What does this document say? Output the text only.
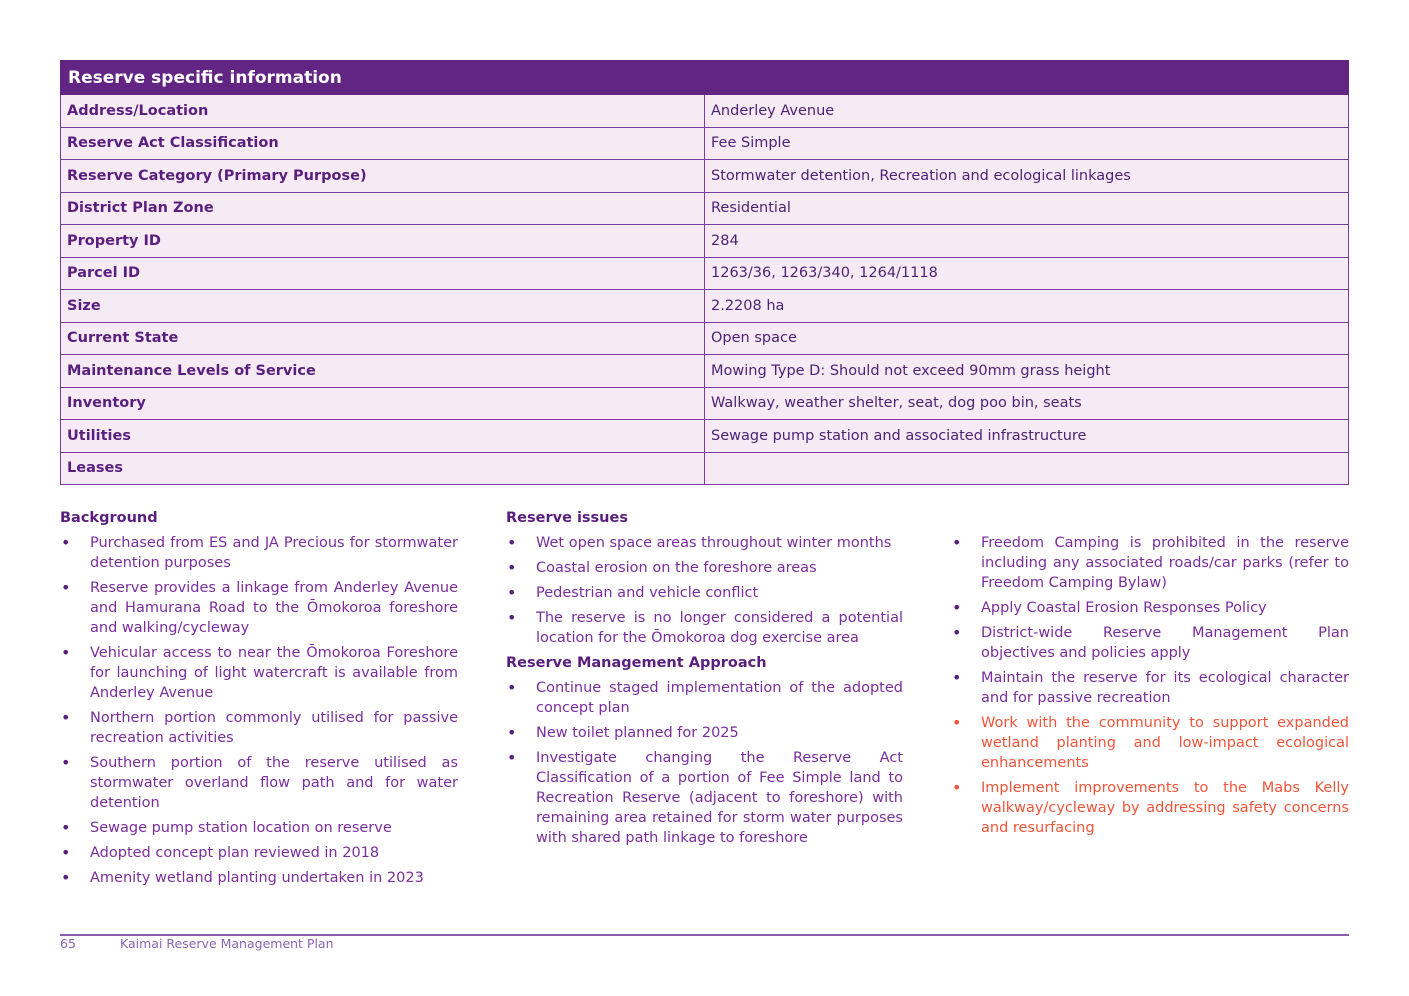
Reserve specific information	
Address/Location	Anderley Avenue
Reserve Act Classification	Fee Simple
Reserve Category (Primary Purpose)	Stormwater detention, Recreation and ecological linkages
District Plan Zone	Residential
Property ID	284
Parcel ID	1263/36, 1263/340, 1264/1118
Size	2.2208 ha
Current State	Open space
Maintenance Levels of Service	Mowing Type D: Should not exceed 90mm grass height
Inventory	Walkway, weather shelter, seat, dog poo bin, seats
Utilities	Sewage pump station and associated infrastructure
Leases	
Background
• Purchased from ES and JA Precious for stormwater detention purposes
• Reserve provides a linkage from Anderley Avenue and Hamurana Road to the Ōmokoroa foreshore and walking/cycleway
• Vehicular access to near the Ōmokoroa Foreshore for launching of light watercraft is available from Anderley Avenue
• Northern portion commonly utilised for passive recreation activities
• Southern portion of the reserve utilised as stormwater overland flow path and for water detention
• Sewage pump station location on reserve
• Adopted concept plan reviewed in 2018
• Amenity wetland planting undertaken in 2023
Reserve issues
• Wet open space areas throughout winter months
• Coastal erosion on the foreshore areas
• Pedestrian and vehicle conflict
• The reserve is no longer considered a potential location for the Ōmokoroa dog exercise area
Reserve Management Approach
• Continue staged implementation of the adopted concept plan
• New toilet planned for 2025
• Investigate changing the Reserve Act Classification of a portion of Fee Simple land to Recreation Reserve (adjacent to foreshore) with remaining area retained for storm water purposes with shared path linkage to foreshore
• Freedom Camping is prohibited in the reserve including any associated roads/car parks (refer to Freedom Camping Bylaw)
• Apply Coastal Erosion Responses Policy
• District-wide Reserve Management Plan objectives and policies apply
• Maintain the reserve for its ecological character and for passive recreation
• Work with the community to support expanded wetland planting and low-impact ecological enhancements
• Implement improvements to the Mabs Kelly walkway/cycleway by addressing safety concerns and resurfacing
65	Kaimai Reserve Management Plan
